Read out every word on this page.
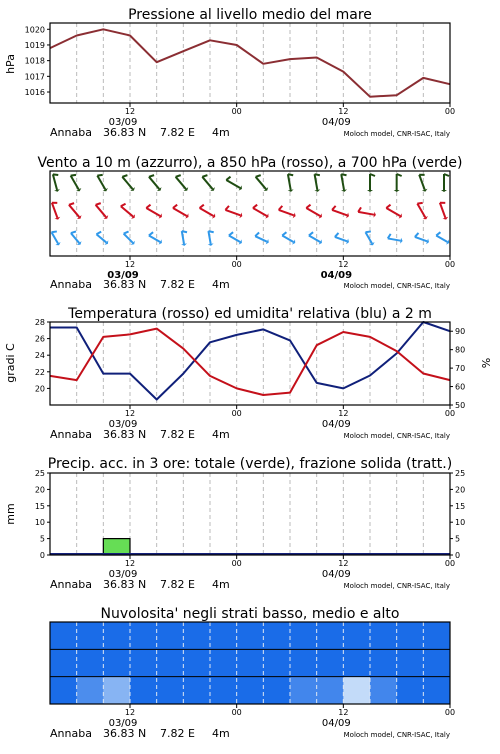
Pressione al livello medio del mare
hPa
1016
1017
1018
1019
1020
12	00	12	00
03/09	04/09
Annaba 36.83 N 7.82 E 4m	Moloch model, CNR-ISAC, Italy
Vento a 10 m (azzurro), a 850 hPa (rosso), a 700 hPa (verde)
12	00	12	00
03/09	04/09
Annaba 36.83 N 7.82 E 4m	Moloch model, CNR-ISAC, Italy
Temperatura (rosso) ed umidita' relativa (blu) a 2 m
gradi C	%
20
22
24
26
28
50
60
70
80
90
12	00	12	00
03/09	04/09
Annaba 36.83 N 7.82 E 4m	Moloch model, CNR-ISAC, Italy
Precip. acc. in 3 ore: totale (verde), frazione solida (tratt.)
mm
0
5
10
15
20
25
0
5
10
15
20
25
12	00	12	00
03/09	04/09
Annaba 36.83 N 7.82 E 4m	Moloch model, CNR-ISAC, Italy
Nuvolosita' negli strati basso, medio e alto
12	00	12	00
03/09	04/09
Annaba 36.83 N 7.82 E 4m	Moloch model, CNR-ISAC, Italy
